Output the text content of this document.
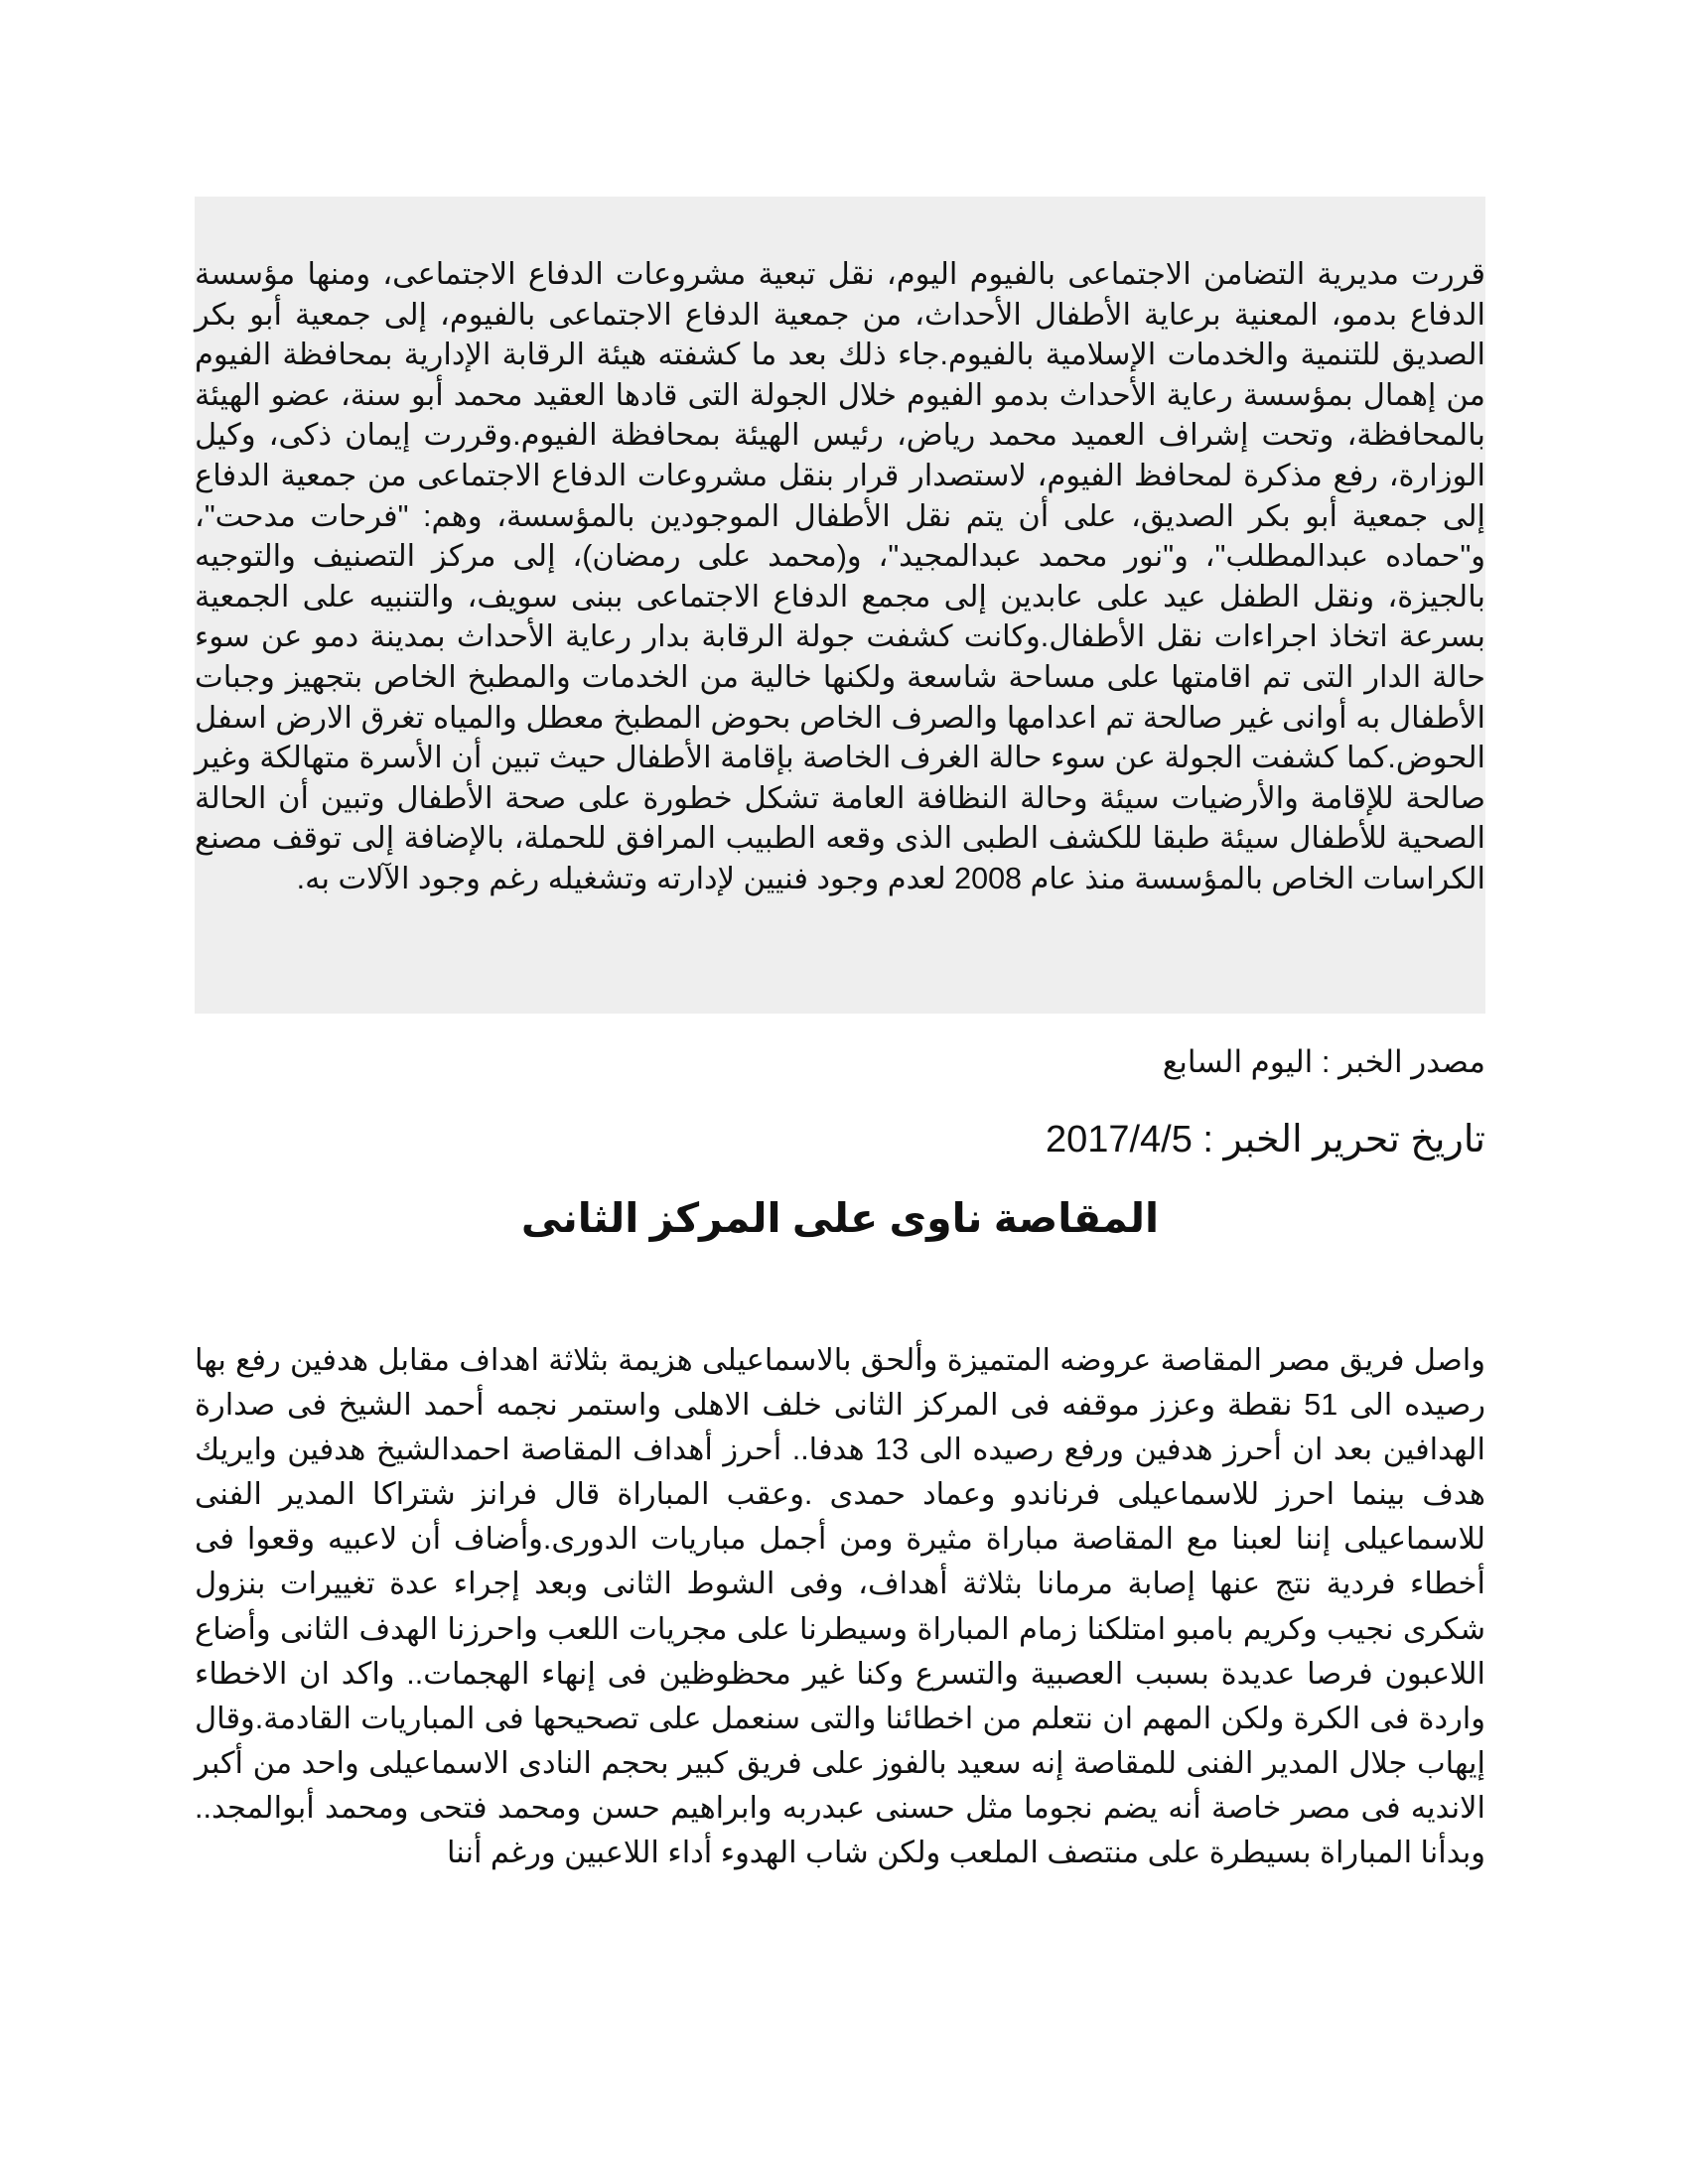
قررت مديرية التضامن الاجتماعى بالفيوم اليوم، نقل تبعية مشروعات الدفاع الاجتماعى، ومنها مؤسسة الدفاع بدمو، المعنية برعاية الأطفال الأحداث، من جمعية الدفاع الاجتماعى بالفيوم، إلى جمعية أبو بكر الصديق للتنمية والخدمات الإسلامية بالفيوم.جاء ذلك بعد ما كشفته هيئة الرقابة الإدارية بمحافظة الفيوم من إهمال بمؤسسة رعاية الأحداث بدمو الفيوم خلال الجولة التى قادها العقيد محمد أبو سنة، عضو الهيئة بالمحافظة، وتحت إشراف العميد محمد رياض، رئيس الهيئة بمحافظة الفيوم.وقررت إيمان ذكى، وكيل الوزارة، رفع مذكرة لمحافظ الفيوم، لاستصدار قرار بنقل مشروعات الدفاع الاجتماعى من جمعية الدفاع إلى جمعية أبو بكر الصديق، على أن يتم نقل الأطفال الموجودين بالمؤسسة، وهم: "فرحات مدحت"، و"حماده عبدالمطلب"، و"نور محمد عبدالمجيد"، و(محمد على رمضان)، إلى مركز التصنيف والتوجيه بالجيزة، ونقل الطفل عيد على عابدين إلى مجمع الدفاع الاجتماعى ببنى سويف، والتنبيه على الجمعية بسرعة اتخاذ اجراءات نقل الأطفال.وكانت كشفت جولة الرقابة بدار رعاية الأحداث بمدينة دمو عن سوء حالة الدار التى تم اقامتها على مساحة شاسعة ولكنها خالية من الخدمات والمطبخ الخاص بتجهيز وجبات الأطفال به أوانى غير صالحة تم اعدامها والصرف الخاص بحوض المطبخ معطل والمياه تغرق الارض اسفل الحوض.كما كشفت الجولة عن سوء حالة الغرف الخاصة بإقامة الأطفال حيث تبين أن الأسرة متهالكة وغير صالحة للإقامة والأرضيات سيئة وحالة النظافة العامة تشكل خطورة على صحة الأطفال وتبين أن الحالة الصحية للأطفال سيئة طبقا للكشف الطبى الذى وقعه الطبيب المرافق للحملة، بالإضافة إلى توقف مصنع الكراسات الخاص بالمؤسسة منذ عام 2008 لعدم وجود فنيين لإدارته وتشغيله رغم وجود الآلات به.

مصدر الخبر : اليوم السابع

تاريخ تحرير الخبر : 2017/4/5

المقاصة ناوى على المركز الثانى

واصل فريق مصر المقاصة عروضه المتميزة وألحق بالاسماعيلى هزيمة بثلاثة اهداف مقابل هدفين رفع بها رصيده الى 51 نقطة وعزز موقفه فى المركز الثانى خلف الاهلى واستمر نجمه أحمد الشيخ فى صدارة الهدافين بعد ان أحرز هدفين ورفع رصيده الى 13 هدفا.. أحرز أهداف المقاصة احمدالشيخ هدفين وايريك هدف بينما احرز للاسماعيلى فرناندو وعماد حمدى .وعقب المباراة قال فرانز شتراكا المدير الفنى للاسماعيلى إننا لعبنا مع المقاصة مباراة مثيرة ومن أجمل مباريات الدورى.وأضاف أن لاعبيه وقعوا فى أخطاء فردية نتج عنها إصابة مرمانا بثلاثة أهداف، وفى الشوط الثانى وبعد إجراء عدة تغييرات بنزول شكرى نجيب وكريم بامبو امتلكنا زمام المباراة وسيطرنا على مجريات اللعب واحرزنا الهدف الثانى وأضاع اللاعبون فرصا عديدة بسبب العصبية والتسرع وكنا غير محظوظين فى إنهاء الهجمات.. واكد ان الاخطاء واردة فى الكرة ولكن المهم ان نتعلم من اخطائنا والتى سنعمل على تصحيحها فى المباريات القادمة.وقال إيهاب جلال المدير الفنى للمقاصة إنه سعيد بالفوز على فريق كبير بحجم النادى الاسماعيلى واحد من أكبر الانديه فى مصر خاصة أنه يضم نجوما مثل حسنى عبدربه وابراهيم حسن ومحمد فتحى ومحمد أبوالمجد.. وبدأنا المباراة بسيطرة على منتصف الملعب ولكن شاب الهدوء أداء اللاعبين ورغم أننا
